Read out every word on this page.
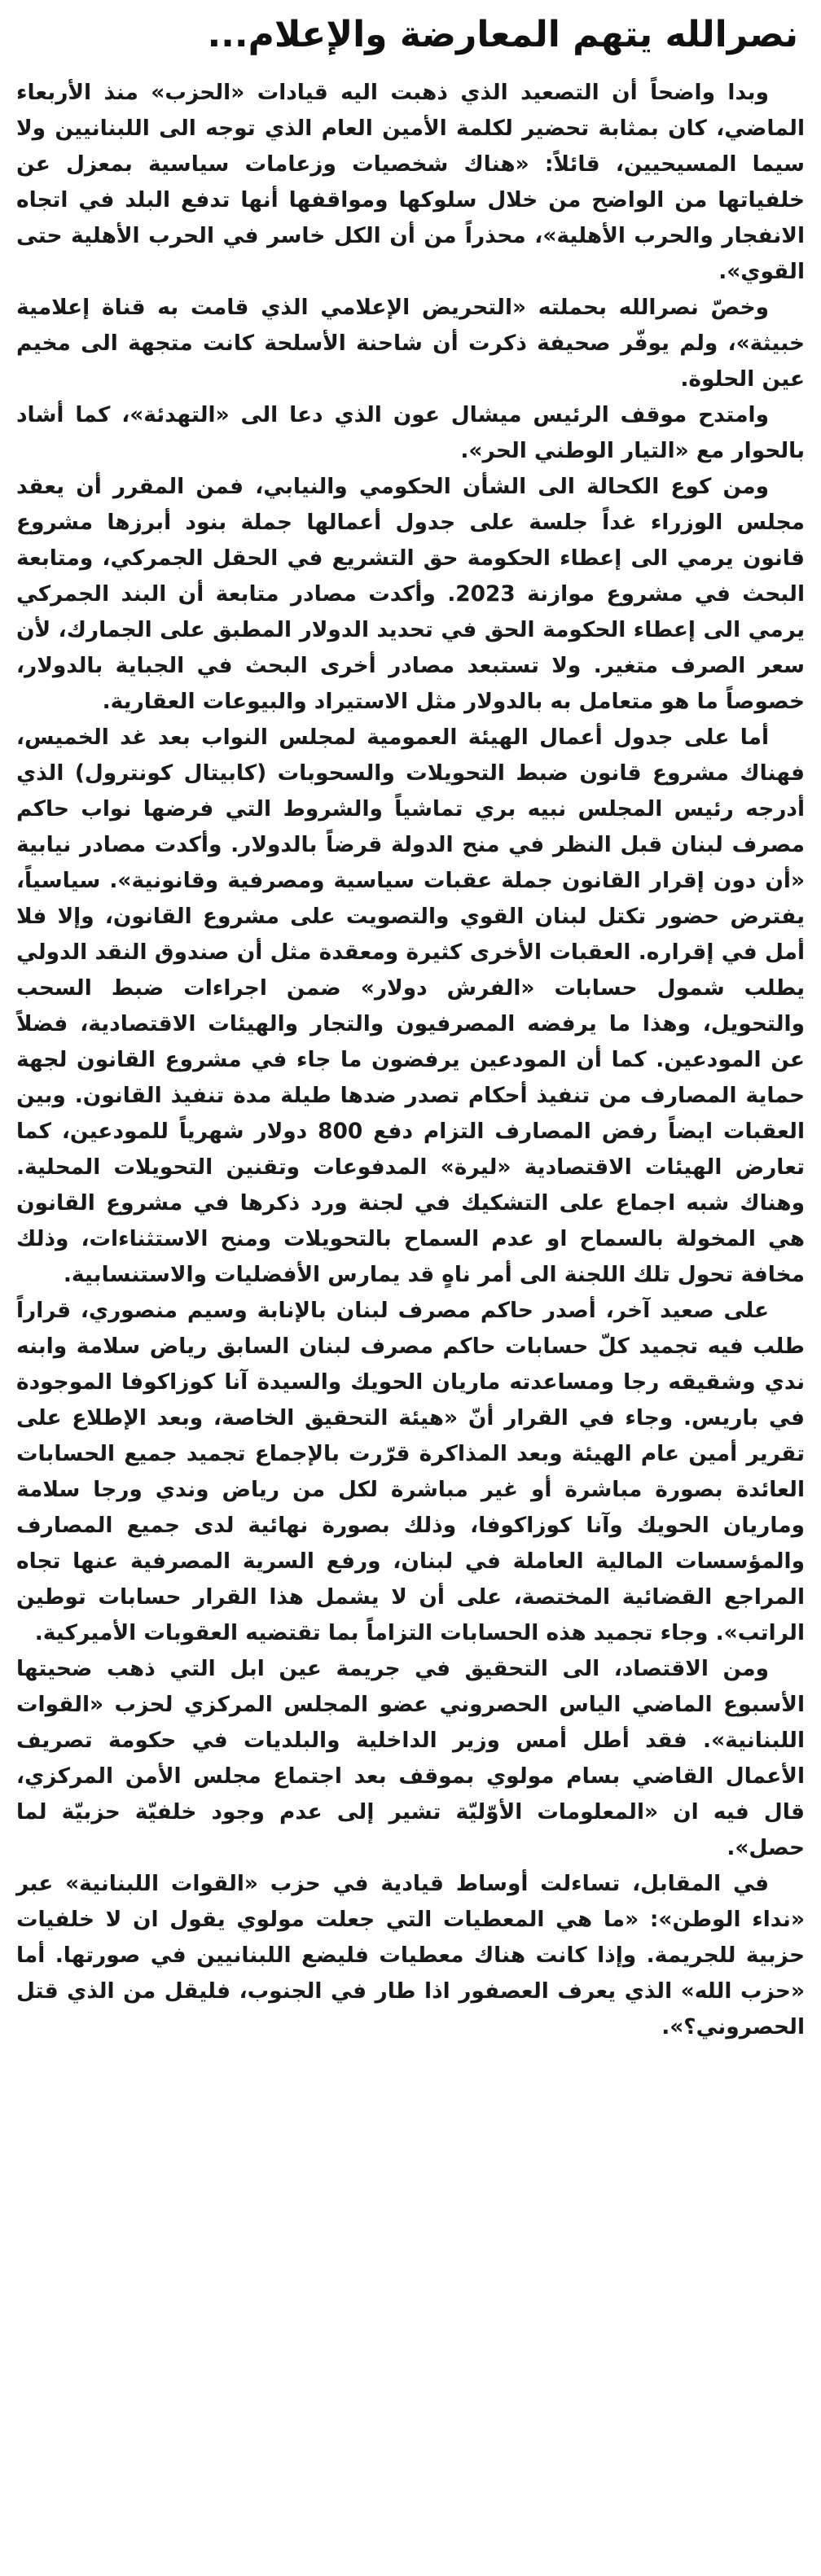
نصرالله يتهم المعارضة والإعلام...

وبدا واضحاً أن التصعيد الذي ذهبت اليه قيادات «الحزب» منذ الأربعاء الماضي، كان بمثابة تحضير لكلمة الأمين العام الذي توجه الى اللبنانيين ولا سيما المسيحيين، قائلاً: «هناك شخصيات وزعامات سياسية بمعزل عن خلفياتها من الواضح من خلال سلوكها ومواقفها أنها تدفع البلد في اتجاه الانفجار والحرب الأهلية»، محذراً من أن الكل خاسر في الحرب الأهلية حتى القوي».

وخصّ نصرالله بحملته «التحريض الإعلامي الذي قامت به قناة إعلامية خبيثة»، ولم يوفّر صحيفة ذكرت أن شاحنة الأسلحة كانت متجهة الى مخيم عين الحلوة.

وامتدح موقف الرئيس ميشال عون الذي دعا الى «التهدئة»، كما أشاد بالحوار مع «التيار الوطني الحر».

ومن كوع الكحالة الى الشأن الحكومي والنيابي، فمن المقرر أن يعقد مجلس الوزراء غداً جلسة على جدول أعمالها جملة بنود أبرزها مشروع قانون يرمي الى إعطاء الحكومة حق التشريع في الحقل الجمركي، ومتابعة البحث في مشروع موازنة 2023. وأكدت مصادر متابعة أن البند الجمركي يرمي الى إعطاء الحكومة الحق في تحديد الدولار المطبق على الجمارك، لأن سعر الصرف متغير. ولا تستبعد مصادر أخرى البحث في الجباية بالدولار، خصوصاً ما هو متعامل به بالدولار مثل الاستيراد والبيوعات العقارية.

أما على جدول أعمال الهيئة العمومية لمجلس النواب بعد غد الخميس، فهناك مشروع قانون ضبط التحويلات والسحوبات (كابيتال كونترول) الذي أدرجه رئيس المجلس نبيه بري تماشياً والشروط التي فرضها نواب حاكم مصرف لبنان قبل النظر في منح الدولة قرضاً بالدولار. وأكدت مصادر نيابية «أن دون إقرار القانون جملة عقبات سياسية ومصرفية وقانونية». سياسياً، يفترض حضور تكتل لبنان القوي والتصويت على مشروع القانون، وإلا فلا أمل في إقراره. العقبات الأخرى كثيرة ومعقدة مثل أن صندوق النقد الدولي يطلب شمول حسابات «الفرش دولار» ضمن اجراءات ضبط السحب والتحويل، وهذا ما يرفضه المصرفيون والتجار والهيئات الاقتصادية، فضلاً عن المودعين. كما أن المودعين يرفضون ما جاء في مشروع القانون لجهة حماية المصارف من تنفيذ أحكام تصدر ضدها طيلة مدة تنفيذ القانون. وبين العقبات ايضاً رفض المصارف التزام دفع 800 دولار شهرياً للمودعين، كما تعارض الهيئات الاقتصادية «ليرة» المدفوعات وتقنين التحويلات المحلية. وهناك شبه اجماع على التشكيك في لجنة ورد ذكرها في مشروع القانون هي المخولة بالسماح او عدم السماح بالتحويلات ومنح الاستثناءات، وذلك مخافة تحول تلك اللجنة الى أمر ناهٍ قد يمارس الأفضليات والاستنسابية.

على صعيد آخر، أصدر حاكم مصرف لبنان بالإنابة وسيم منصوري، قراراً طلب فيه تجميد كلّ حسابات حاكم مصرف لبنان السابق رياض سلامة وابنه ندي وشقيقه رجا ومساعدته ماريان الحويك والسيدة آنا كوزاكوفا الموجودة في باريس. وجاء في القرار أنّ «هيئة التحقيق الخاصة، وبعد الإطلاع على تقرير أمين عام الهيئة وبعد المذاكرة قرّرت بالإجماع تجميد جميع الحسابات العائدة بصورة مباشرة أو غير مباشرة لكل من رياض وندي ورجا سلامة وماريان الحويك وآنا كوزاكوفا، وذلك بصورة نهائية لدى جميع المصارف والمؤسسات المالية العاملة في لبنان، ورفع السرية المصرفية عنها تجاه المراجع القضائية المختصة، على أن لا يشمل هذا القرار حسابات توطين الراتب». وجاء تجميد هذه الحسابات التزاماً بما تقتضيه العقوبات الأميركية.

ومن الاقتصاد، الى التحقيق في جريمة عين ابل التي ذهب ضحيتها الأسبوع الماضي الياس الحصروني عضو المجلس المركزي لحزب «القوات اللبنانية». فقد أطل أمس وزير الداخلية والبلديات في حكومة تصريف الأعمال القاضي بسام مولوي بموقف بعد اجتماع مجلس الأمن المركزي، قال فيه ان «المعلومات الأوّليّة تشير إلى عدم وجود خلفيّة حزبيّة لما حصل».

في المقابل، تساءلت أوساط قيادية في حزب «القوات اللبنانية» عبر «نداء الوطن»: «ما هي المعطيات التي جعلت مولوي يقول ان لا خلفيات حزبية للجريمة. وإذا كانت هناك معطيات فليضع اللبنانيين في صورتها. أما «حزب الله» الذي يعرف العصفور اذا طار في الجنوب، فليقل من الذي قتل الحصروني؟».
